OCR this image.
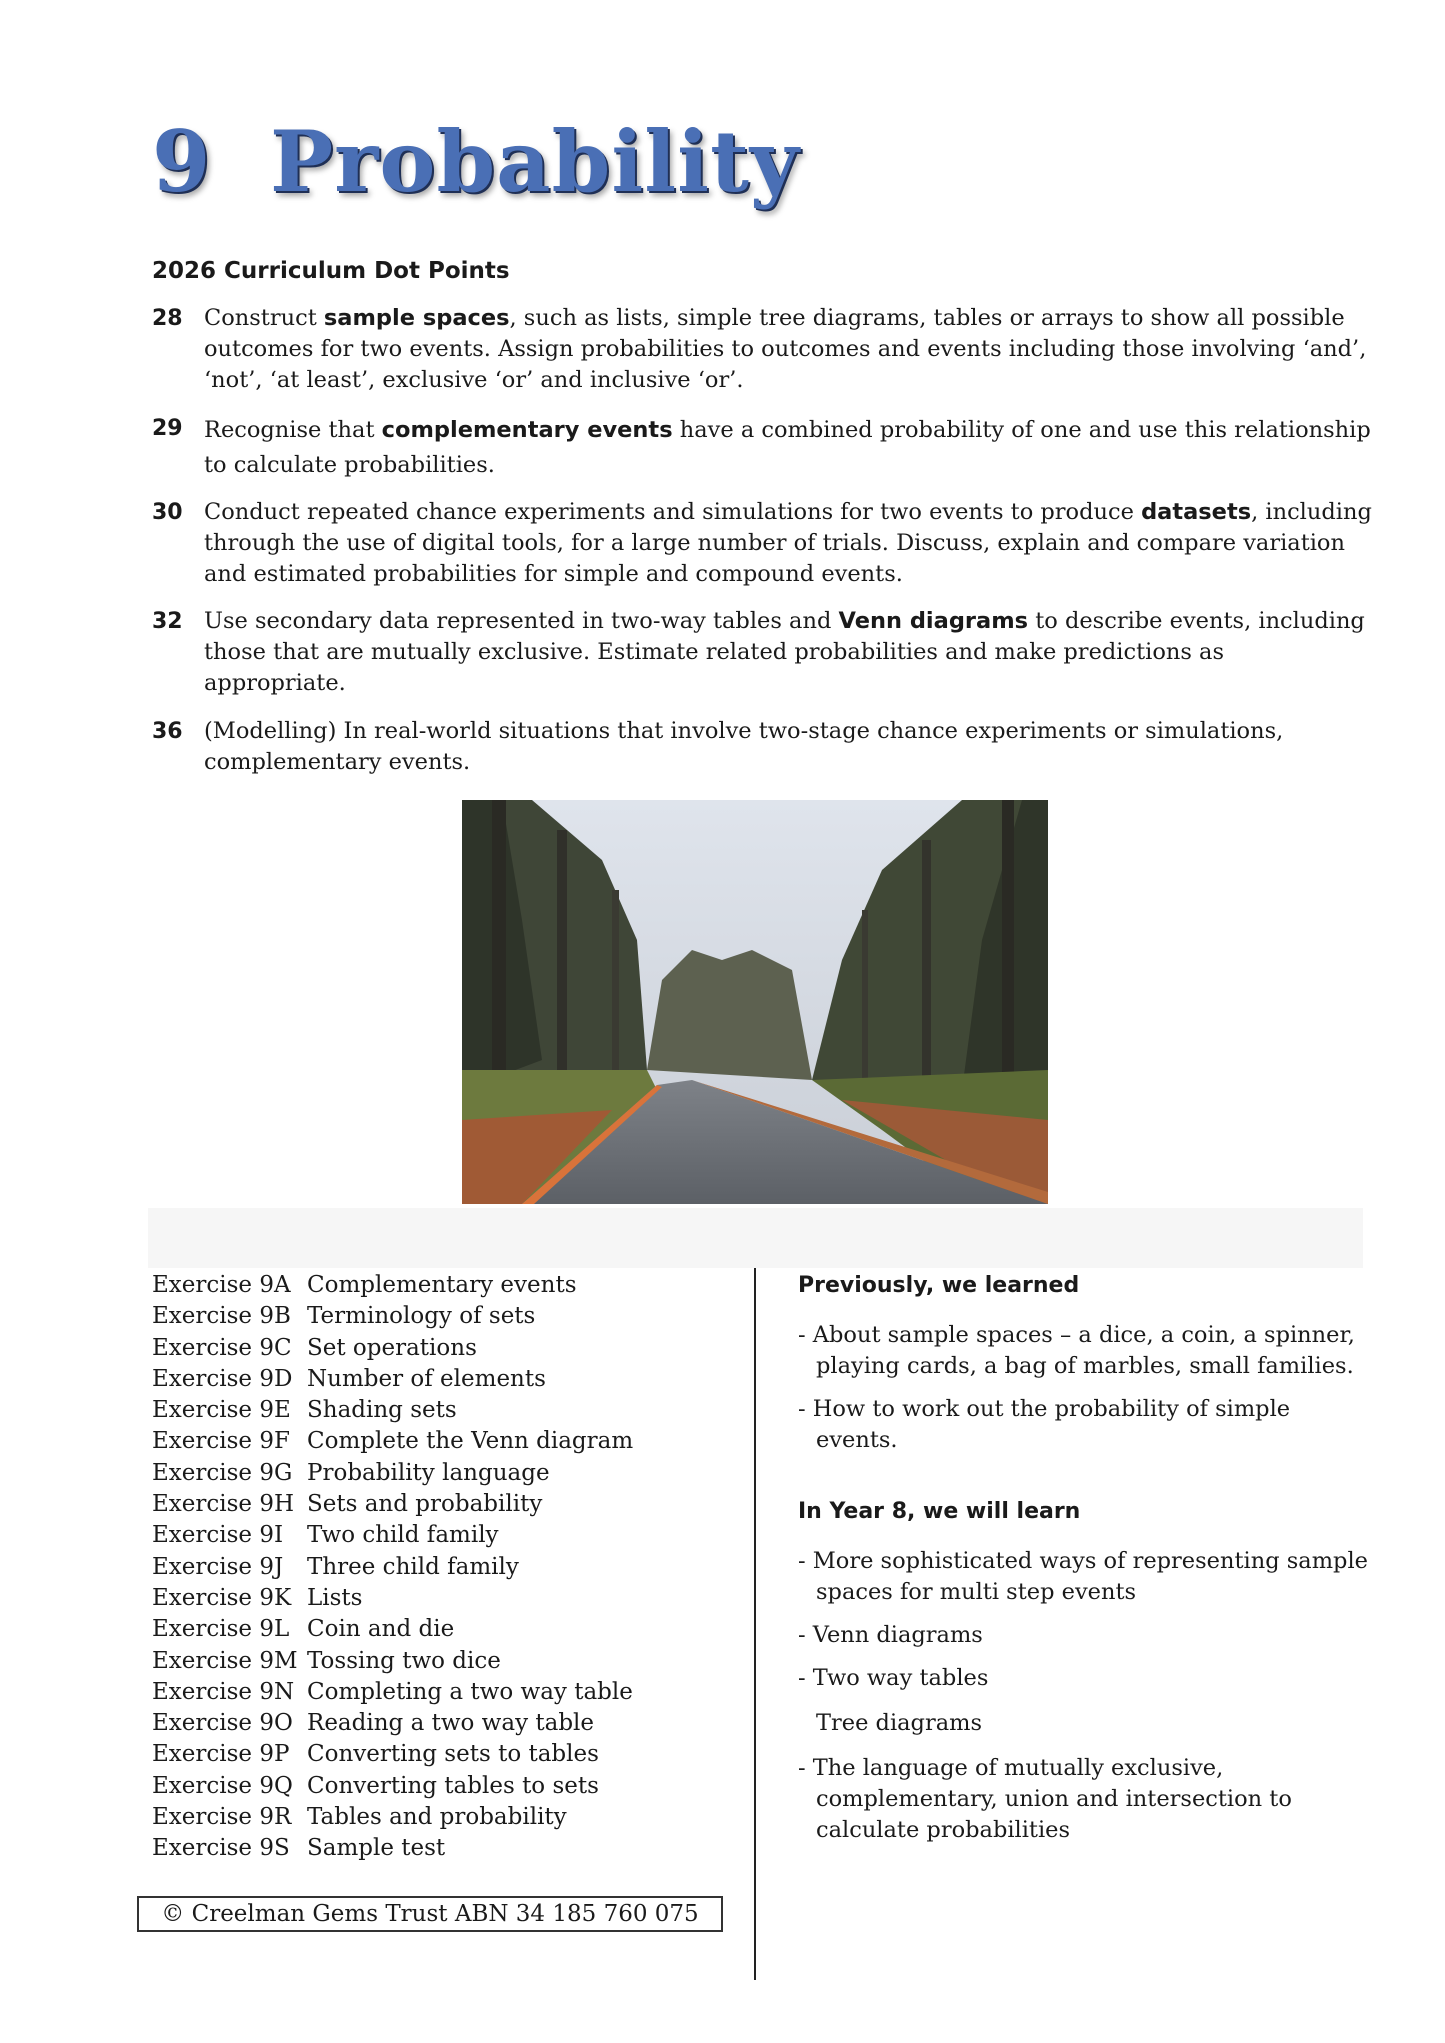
9 Probability
2026 Curriculum Dot Points
28 Construct sample spaces, such as lists, simple tree diagrams, tables or arrays to show all possible outcomes for two events. Assign probabilities to outcomes and events including those involving ‘and’, ‘not’, ‘at least’, exclusive ‘or’ and inclusive ‘or’.
29 Recognise that complementary events have a combined probability of one and use this relationship to calculate probabilities.
30 Conduct repeated chance experiments and simulations for two events to produce datasets, including through the use of digital tools, for a large number of trials. Discuss, explain and compare variation and estimated probabilities for simple and compound events.
32 Use secondary data represented in two-way tables and Venn diagrams to describe events, including those that are mutually exclusive. Estimate related probabilities and make predictions as appropriate.
36 (Modelling) In real-world situations that involve two-stage chance experiments or simulations, complementary events.
Exercise 9A Complementary events
Exercise 9B Terminology of sets
Exercise 9C Set operations
Exercise 9D Number of elements
Exercise 9E Shading sets
Exercise 9F Complete the Venn diagram
Exercise 9G Probability language
Exercise 9H Sets and probability
Exercise 9I	Two child family
Exercise 9J	Three child family
Exercise 9K Lists
Exercise 9L Coin and die
Exercise 9M Tossing two dice
Exercise 9N Completing a two way table
Exercise 9O Reading a two way table
Exercise 9P Converting sets to tables
Exercise 9Q Converting tables to sets
Exercise 9R Tables and probability
Exercise 9S Sample test
Previously, we learned
- About sample spaces – a dice, a coin, a spinner, playing cards, a bag of marbles, small families.
- How to work out the probability of simple events.
In Year 8, we will learn
- More sophisticated ways of representing sample spaces for multi step events
- Venn diagrams
- Two way tables
Tree diagrams
- The language of mutually exclusive, complementary, union and intersection to calculate probabilities
© Creelman Gems Trust ABN 34 185 760 075
